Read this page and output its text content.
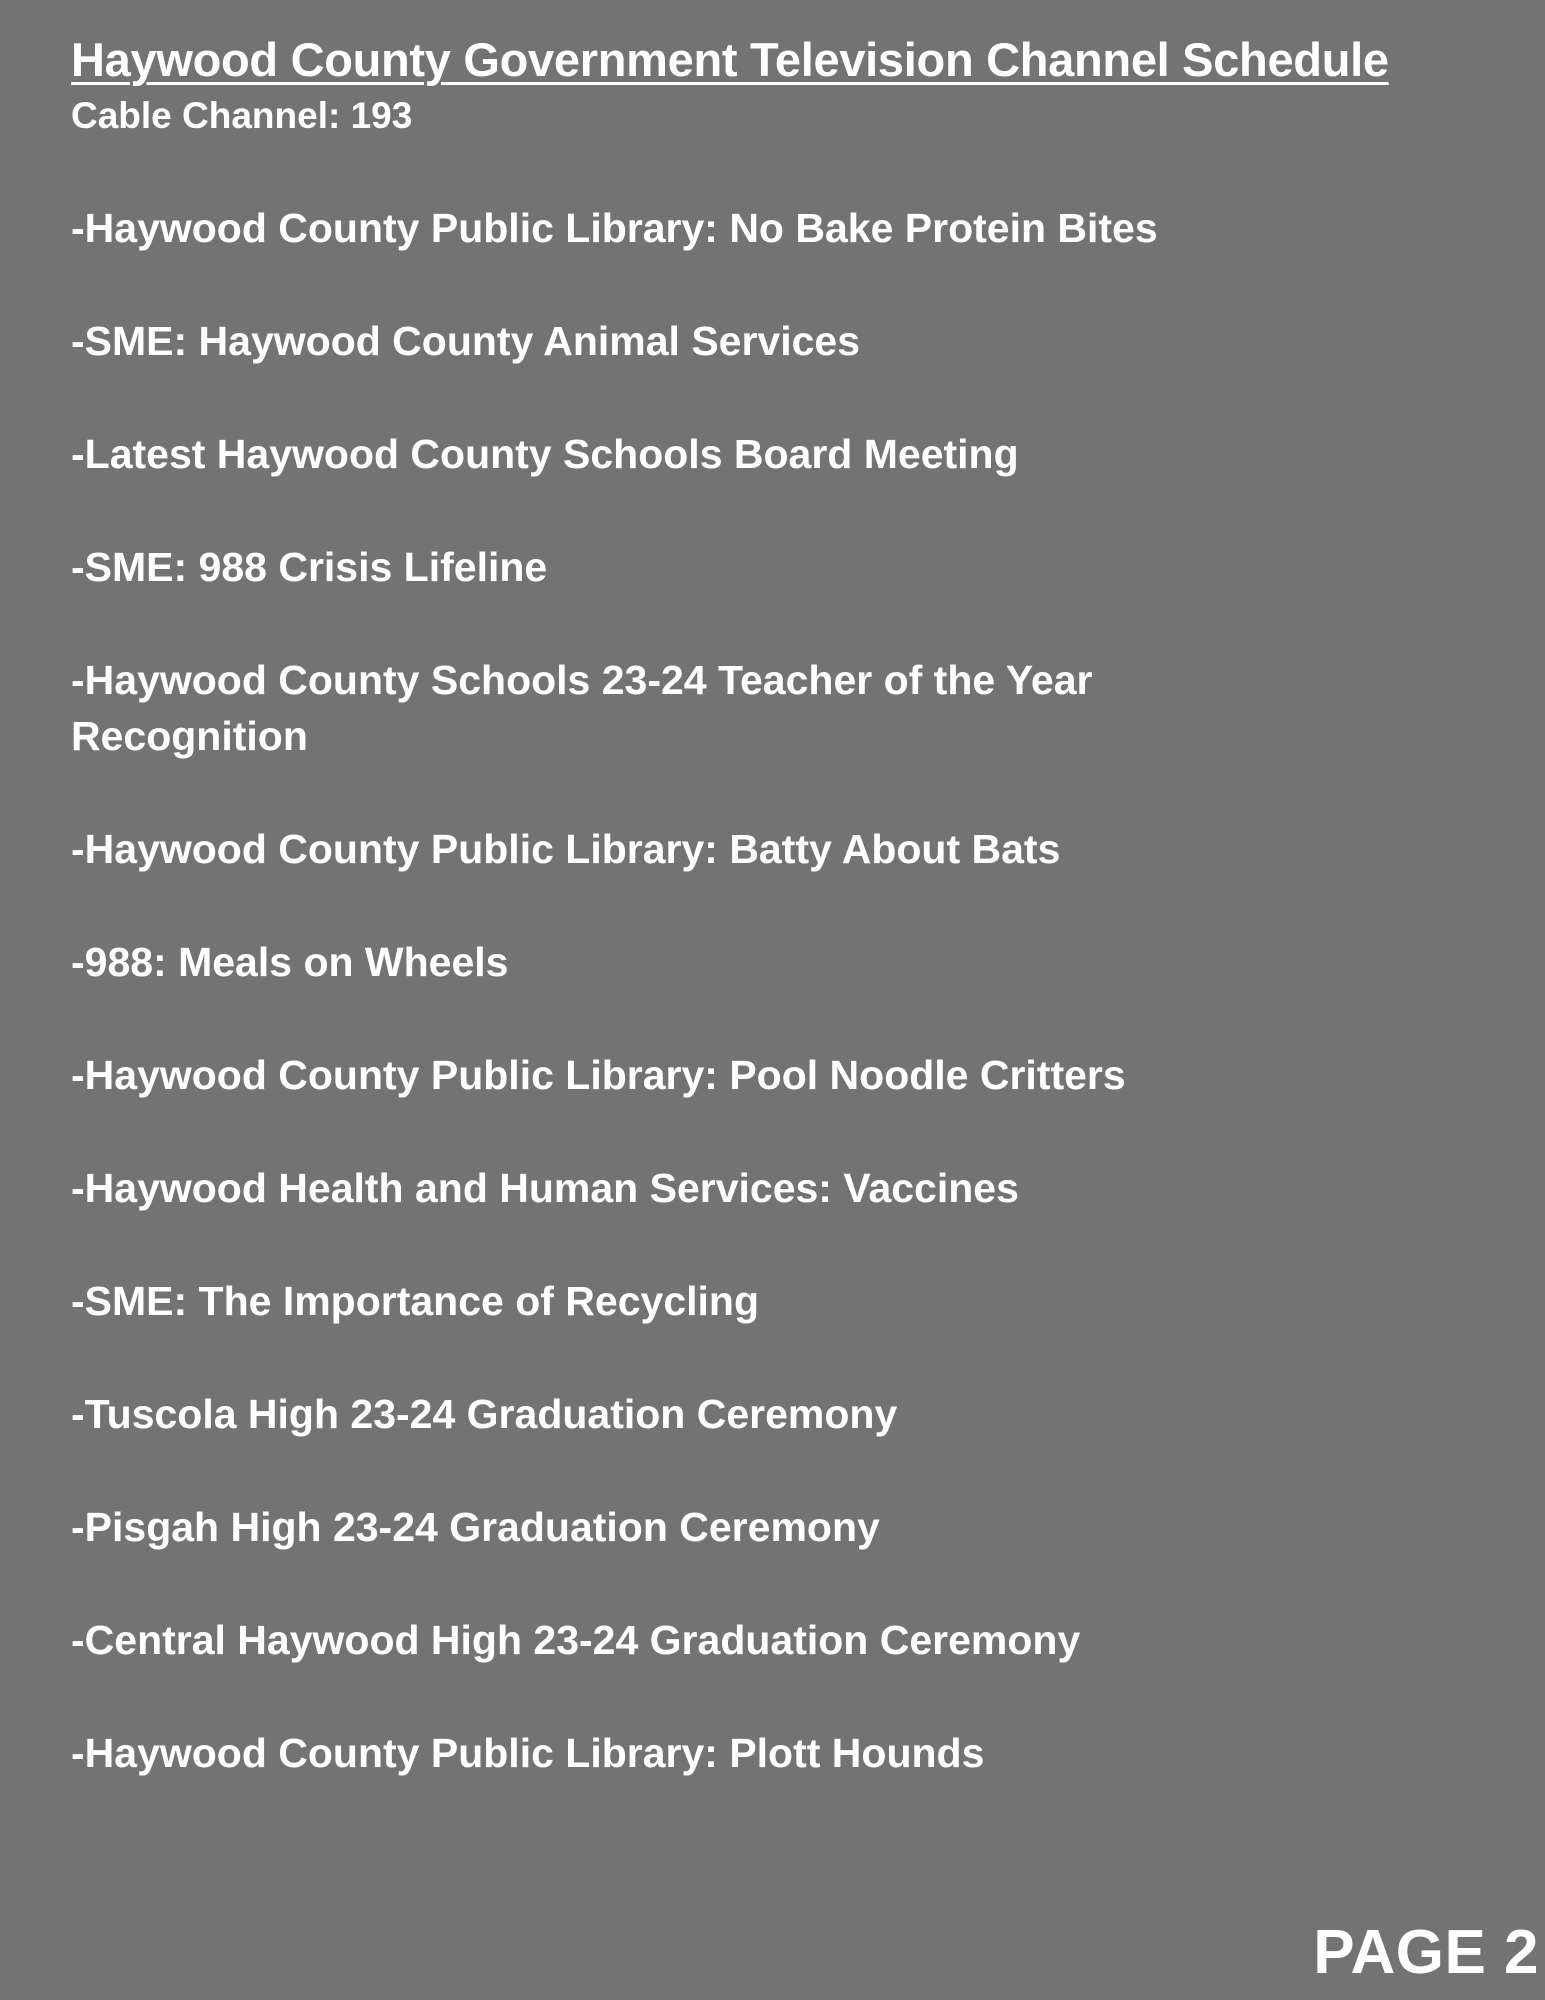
Haywood County Government Television Channel Schedule
Cable Channel: 193
-Haywood County Public Library: No Bake Protein Bites
-SME: Haywood County Animal Services
-Latest Haywood County Schools Board Meeting
-SME: 988 Crisis Lifeline
-Haywood County Schools 23-24 Teacher of the Year Recognition
-Haywood County Public Library: Batty About Bats
-988: Meals on Wheels
-Haywood County Public Library: Pool Noodle Critters
-Haywood Health and Human Services: Vaccines
-SME: The Importance of Recycling
-Tuscola High 23-24 Graduation Ceremony
-Pisgah High 23-24 Graduation Ceremony
-Central Haywood High 23-24 Graduation Ceremony
-Haywood County Public Library: Plott Hounds
PAGE 2
